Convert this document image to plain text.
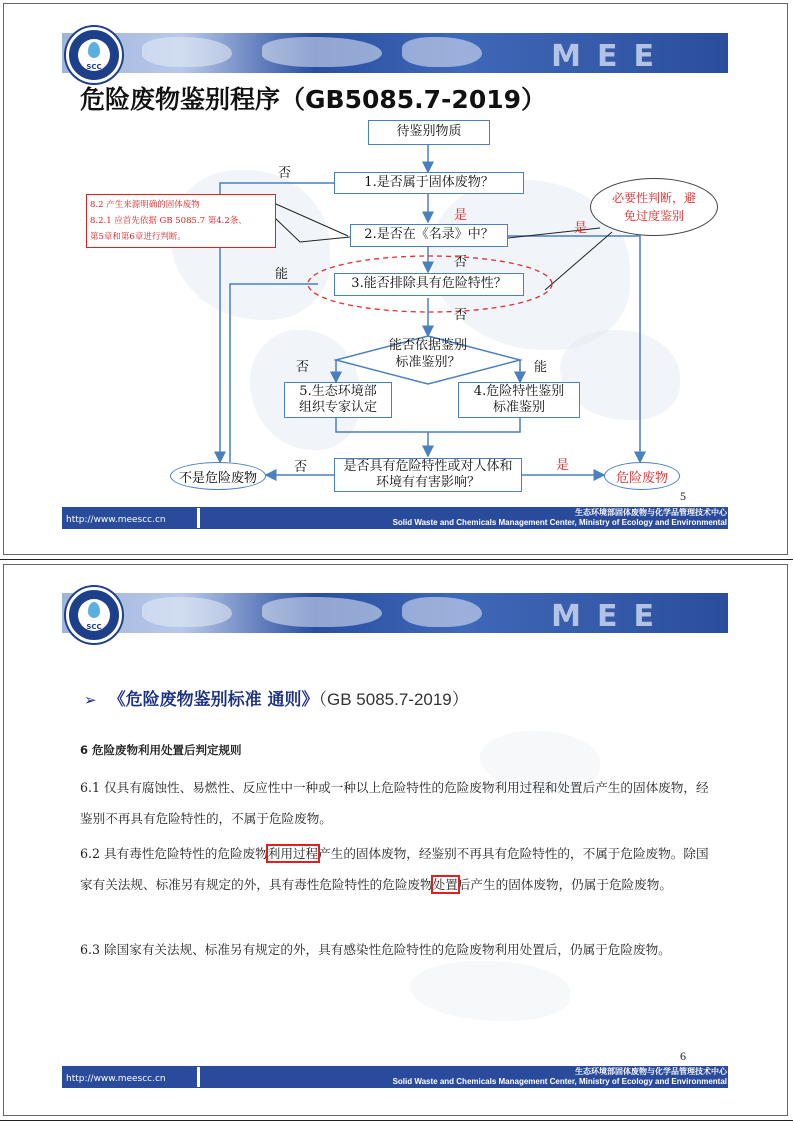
MEE
SCC
危险废物鉴别程序（GB5085.7-2019）
待鉴别物质
1.是否属于固体废物？
2.是否在《名录》中？
3.能否排除具有危险特性？
能否依据鉴别
标准鉴别？
5.生态环境部
组织专家认定
4.危险特性鉴别
标准鉴别
是否具有危险特性或对人体和
环境有有害影响？
不是危险废物	危险废物
否
是
否
是
能
否
否	能
否	是
8.2 产生来源明确的固体废物
8.2.1 应首先依据 GB 5085.7 第4.2条、
第5章和第6章进行判断。
必要性判断，避
免过度鉴别
5
http://www.meescc.cn
生态环境部固体废物与化学品管理技术中心
Solid Waste and Chemicals Management Center, Ministry of Ecology and Environmental
MEE
SCC
6
http://www.meescc.cn
生态环境部固体废物与化学品管理技术中心
Solid Waste and Chemicals Management Center, Ministry of Ecology and Environmental
➢ 《危险废物鉴别标准 通则》（GB 5085.7-2019）
6 危险废物利用处置后判定规则
6.1 仅具有腐蚀性、易燃性、反应性中一种或一种以上危险特性的危险废物利用过程和处置后产生的固体废物，经鉴别不再具有危险特性的，不属于危险废物。
6.2 具有毒性危险特性的危险废物利用过程产生的固体废物，经鉴别不再具有危险特性的，不属于危险废物。除国家有关法规、标准另有规定的外，具有毒性危险特性的危险废物处置后产生的固体废物，仍属于危险废物。
6.3 除国家有关法规、标准另有规定的外，具有感染性危险特性的危险废物利用处置后，仍属于危险废物。
